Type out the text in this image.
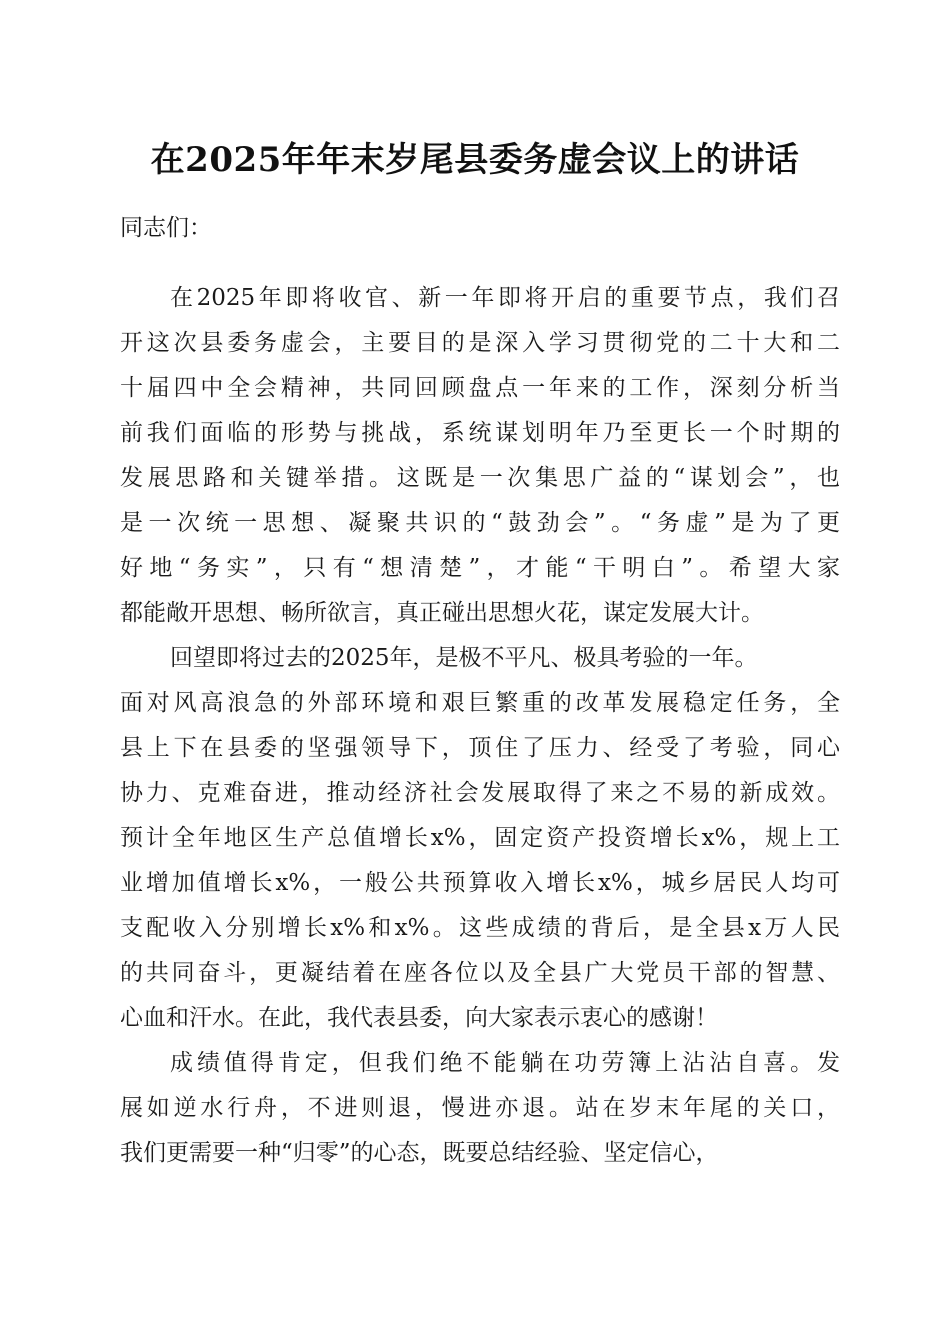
在2025年年末岁尾县委务虚会议上的讲话

同志们：

在2025年即将收官、新一年即将开启的重要节点，我们召

开这次县委务虚会，主要目的是深入学习贯彻党的二十大和二

十届四中全会精神，共同回顾盘点一年来的工作，深刻分析当

前我们面临的形势与挑战，系统谋划明年乃至更长一个时期的

发展思路和关键举措。这既是一次集思广益的“谋划会”，也

是一次统一思想、凝聚共识的“鼓劲会”。“务虚”是为了更

好地“务实”，只有“想清楚”，才能“干明白”。希望大家

都能敞开思想、畅所欲言，真正碰出思想火花，谋定发展大计。

回望即将过去的2025年，是极不平凡、极具考验的一年。

面对风高浪急的外部环境和艰巨繁重的改革发展稳定任务，全

县上下在县委的坚强领导下，顶住了压力、经受了考验，同心

协力、克难奋进，推动经济社会发展取得了来之不易的新成效。

预计全年地区生产总值增长x%，固定资产投资增长x%，规上工

业增加值增长x%，一般公共预算收入增长x%，城乡居民人均可

支配收入分别增长x%和x%。这些成绩的背后，是全县x万人民

的共同奋斗，更凝结着在座各位以及全县广大党员干部的智慧、

心血和汗水。在此，我代表县委，向大家表示衷心的感谢！

成绩值得肯定，但我们绝不能躺在功劳簿上沾沾自喜。发

展如逆水行舟，不进则退，慢进亦退。站在岁末年尾的关口，

我们更需要一种“归零”的心态，既要总结经验、坚定信心，
